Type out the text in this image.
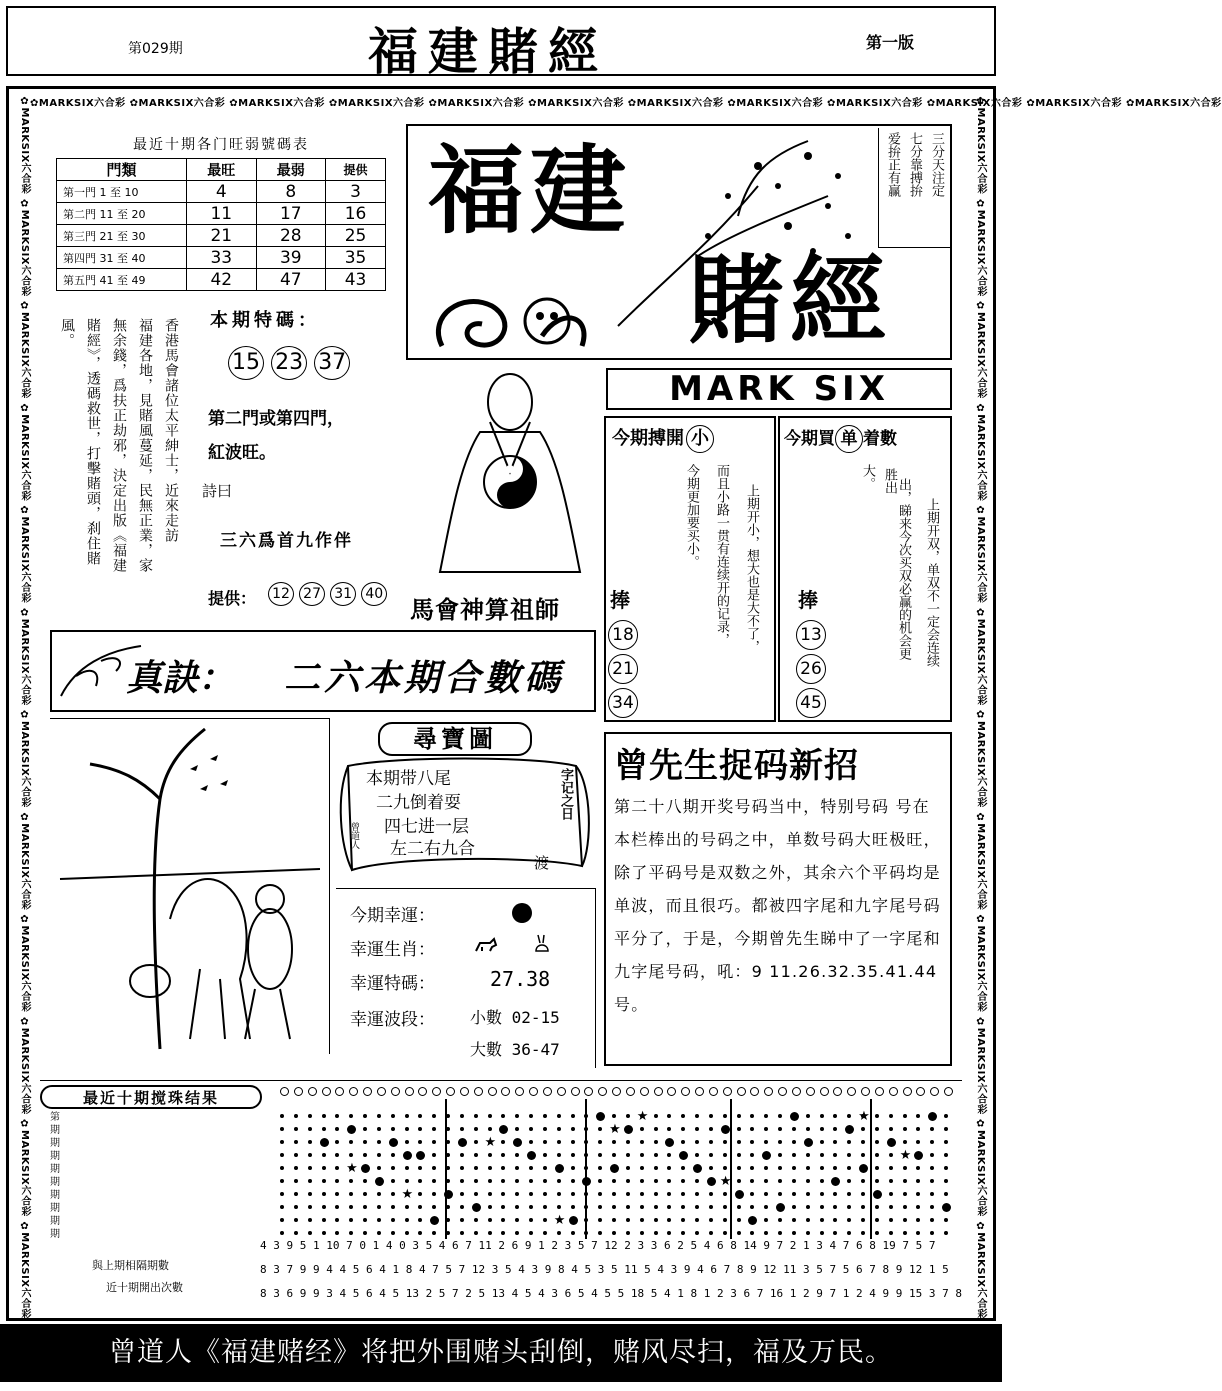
第029期	福建賭經	第一版
✿MARKSIX六合彩 ✿MARKSIX六合彩 ✿MARKSIX六合彩 ✿MARKSIX六合彩 ✿MARKSIX六合彩 ✿MARKSIX六合彩 ✿MARKSIX六合彩 ✿MARKSIX六合彩 ✿MARKSIX六合彩 ✿MARKSIX六合彩 ✿MARKSIX六合彩 ✿MARKSIX六合彩
✿MARKSIX六合彩 ✿MARKSIX六合彩 ✿MARKSIX六合彩 ✿MARKSIX六合彩 ✿MARKSIX六合彩 ✿MARKSIX六合彩 ✿MARKSIX六合彩 ✿MARKSIX六合彩 ✿MARKSIX六合彩 ✿MARKSIX六合彩 ✿MARKSIX六合彩 ✿MARKSIX六合彩	✿MARKSIX六合彩 ✿MARKSIX六合彩 ✿MARKSIX六合彩 ✿MARKSIX六合彩 ✿MARKSIX六合彩 ✿MARKSIX六合彩 ✿MARKSIX六合彩 ✿MARKSIX六合彩 ✿MARKSIX六合彩 ✿MARKSIX六合彩 ✿MARKSIX六合彩 ✿MARKSIX六合彩
最近十期各门旺弱號碼表
門類	最旺	最弱	提供
第一門 1 至 10	4	8	3
第二門 11 至 20	11	17	16
第三門 21 至 30	21	28	25
第四門 31 至 40	33	39	35
第五門 41 至 49	42	47	43
福建
賭經
三分天注定
七分靠搏拚
爱拚正有赢
香港馬會諸位太平紳士，近來走訪
福建各地，見賭風蔓延，民無正業，家
無余錢，爲扶正劫邪，決定出版《福建
賭經》，透碼救世，打擊賭頭，刹住賭
風。	本期特碼：
15 23 37
第二門或第四門，
紅波旺。
詩曰
三六爲首九作伴
提供： 12 27 31 40
馬會神算祖師
MARK SIX
今期搏開 小
上期开小，想大也是大不了，
而且小路一贯有连续开的记录，
今期更加要买小。
捧
18 21 34
今期買 单 着數
上期开双，单双不一定会连续
出，睇来今次买双必赢的机会更
胜出
大。
捧
13 26 45
真訣： 二六本期合數碼
尋寶圖
本期带八尾
二九倒着耍
四七进一层
左二右九合
字记之日
渡
曾道人
今期幸運：
幸運生肖：
幸運特碼：	27.38
幸運波段： 小數 02-15
大數 36-47
曾先生捉码新招
第二十八期开奖号码当中，特别号码 号在本栏棒出的号码之中，单数号码大旺极旺，除了平码号是双数之外，其余六个平码均是单波，而且很巧。都被四字尾和九字尾号码平分了，于是，今期曾先生睇中了一字尾和九字尾号码，吼：9 11.26.32.35.41.44号。
最近十期搅珠结果
第
期
期
期
期
期
期
期
期
期
★
★
★
★
★
★
★
★
★
與上期相隔期數
近十期開出次數
4 3 9 5 1 10 7 0 1 4 0 3 5 4 6 7 11 2 6 9 1 2 3 5 7 12 2 3 3 6 2 5 4 6 8 14 9 7 2 1 3 4 7 6 8 19 7 5 7
8 3 7 9 9 4 4 5 6 4 1 8 4 7 5 7 12 3 5 4 3 9 8 4 5 3 5 11 5 4 3 9 4 6 7 8 9 12 11 3 5 7 5 6 7 8 9 12 1 5
8 3 6 9 9 3 4 5 6 4 5 13 2 5 7 2 5 13 4 5 4 3 6 5 4 5 5 18 5 4 1 8 1 2 3 6 7 16 1 2 9 7 1 2 4 9 9 15 3 7 8
曾道人《福建赌经》将把外围赌头刮倒，赌风尽扫，福及万民。
